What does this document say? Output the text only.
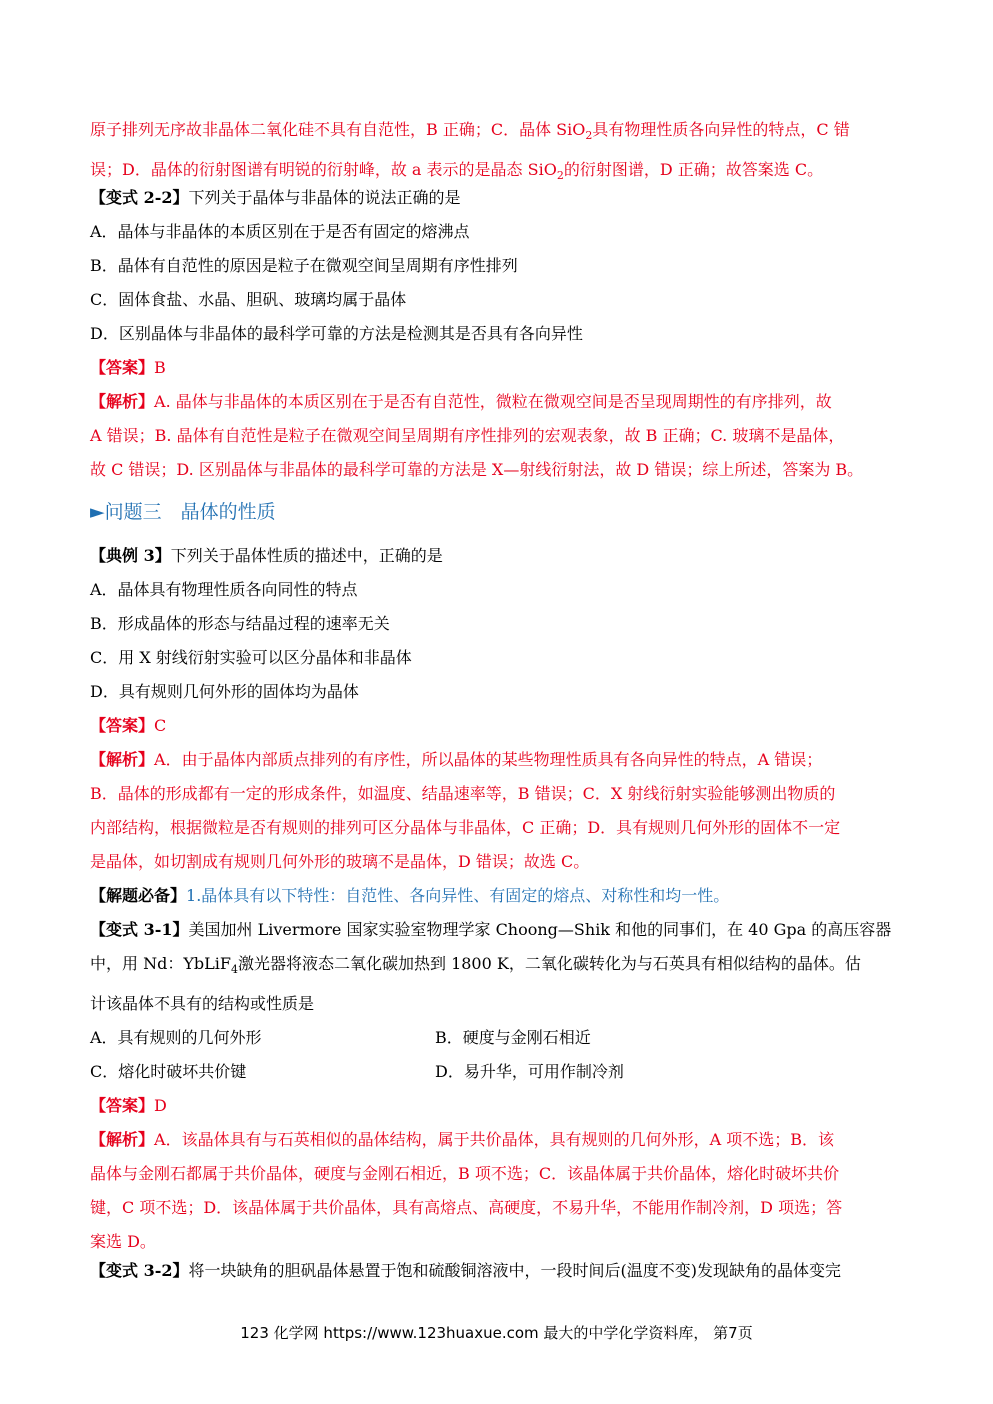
原子排列无序故非晶体二氧化硅不具有自范性，B 正确；C．晶体 SiO$_2$具有物理性质各向异性的特点，C 错
误；D．晶体的衍射图谱有明锐的衍射峰，故 a 表示的是晶态 SiO$_2$的衍射图谱，D 正确；故答案选 C。
【变式 2-2】下列关于晶体与非晶体的说法正确的是
A．晶体与非晶体的本质区别在于是否有固定的熔沸点
B．晶体有自范性的原因是粒子在微观空间呈周期有序性排列
C．固体食盐、水晶、胆矾、玻璃均属于晶体
D．区别晶体与非晶体的最科学可靠的方法是检测其是否具有各向异性
【答案】B
【解析】A. 晶体与非晶体的本质区别在于是否有自范性，微粒在微观空间是否呈现周期性的有序排列，故
A 错误；B. 晶体有自范性是粒子在微观空间呈周期有序性排列的宏观表象，故 B 正确；C. 玻璃不是晶体，
故 C 错误；D. 区别晶体与非晶体的最科学可靠的方法是 X—射线衍射法，故 D 错误；综上所述，答案为 B。
►问题三　晶体的性质
【典例 3】下列关于晶体性质的描述中，正确的是
A．晶体具有物理性质各向同性的特点
B．形成晶体的形态与结晶过程的速率无关
C．用 X 射线衍射实验可以区分晶体和非晶体
D．具有规则几何外形的固体均为晶体
【答案】C
【解析】A．由于晶体内部质点排列的有序性，所以晶体的某些物理性质具有各向异性的特点，A 错误；
B．晶体的形成都有一定的形成条件，如温度、结晶速率等，B 错误；C．X 射线衍射实验能够测出物质的
内部结构，根据微粒是否有规则的排列可区分晶体与非晶体，C 正确；D．具有规则几何外形的固体不一定
是晶体，如切割成有规则几何外形的玻璃不是晶体，D 错误；故选 C。
【解题必备】1.晶体具有以下特性：自范性、各向异性、有固定的熔点、对称性和均一性。
【变式 3-1】美国加州 Livermore 国家实验室物理学家 Choong—Shik 和他的同事们，在 40 Gpa 的高压容器
中，用 Nd：YbLiF$_4$激光器将液态二氧化碳加热到 1800 K，二氧化碳转化为与石英具有相似结构的晶体。估
计该晶体不具有的结构或性质是
A．具有规则的几何外形	B．硬度与金刚石相近
C．熔化时破坏共价键	D．易升华，可用作制冷剂
【答案】D
【解析】A．该晶体具有与石英相似的晶体结构，属于共价晶体，具有规则的几何外形，A 项不选；B．该
晶体与金刚石都属于共价晶体，硬度与金刚石相近，B 项不选；C．该晶体属于共价晶体，熔化时破坏共价
键，C 项不选；D．该晶体属于共价晶体，具有高熔点、高硬度，不易升华，不能用作制冷剂，D 项选；答
案选 D。
【变式 3-2】将一块缺角的胆矾晶体悬置于饱和硫酸铜溶液中，一段时间后(温度不变)发现缺角的晶体变完
123 化学网 https://www.123huaxue.com 最大的中学化学资料库， 第7页
